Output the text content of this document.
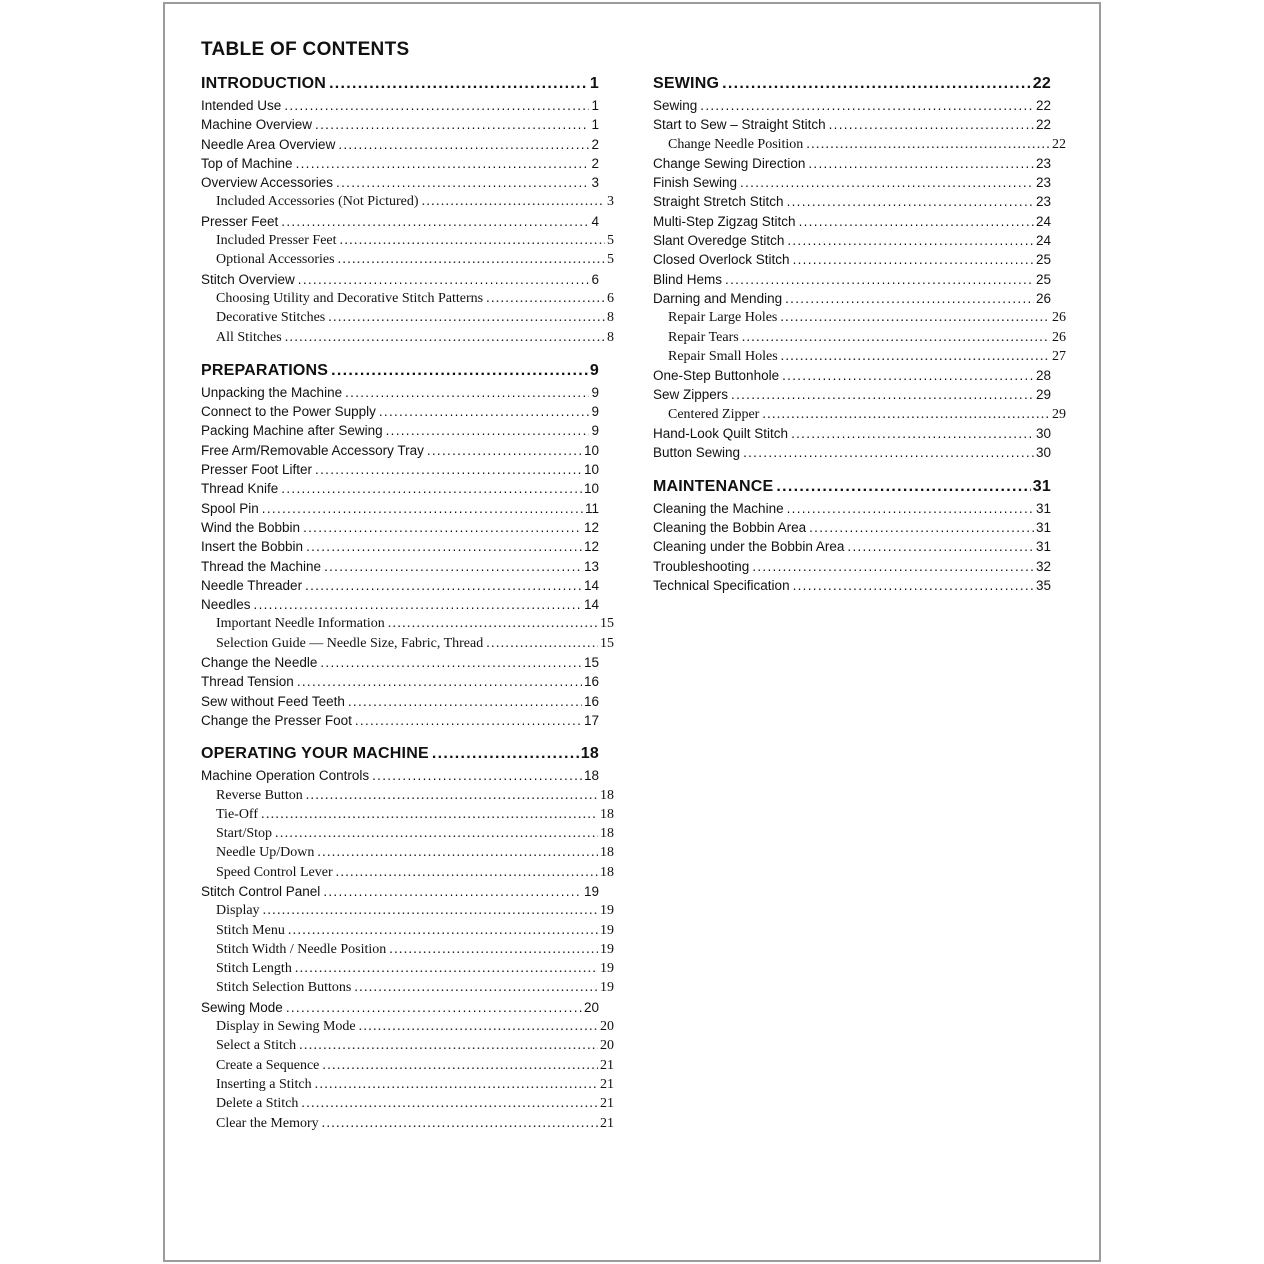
TABLE OF CONTENTS
INTRODUCTION .....	1
Intended Use .....	1
Machine Overview .....	1
Needle Area Overview .....	2
Top of Machine .....	2
Overview Accessories .....	3
Included Accessories (Not Pictured) .....	3
Presser Feet .....	4
Included Presser Feet .....	5
Optional Accessories .....	5
Stitch Overview .....	6
Choosing Utility and Decorative Stitch Patterns .....	6
Decorative Stitches .....	8
All Stitches .....	8
PREPARATIONS .....	9
Unpacking the Machine .....	9
Connect to the Power Supply .....	9
Packing Machine after Sewing .....	9
Free Arm/Removable Accessory Tray .....	10
Presser Foot Lifter .....	10
Thread Knife .....	10
Spool Pin .....	11
Wind the Bobbin .....	12
Insert the Bobbin .....	12
Thread the Machine .....	13
Needle Threader .....	14
Needles .....	14
Important Needle Information .....	15
Selection Guide — Needle Size, Fabric, Thread .....	15
Change the Needle .....	15
Thread Tension .....	16
Sew without Feed Teeth .....	16
Change the Presser Foot .....	17
OPERATING YOUR MACHINE .....	18
Machine Operation Controls .....	18
Reverse Button .....	18
Tie-Off .....	18
Start/Stop .....	18
Needle Up/Down .....	18
Speed Control Lever .....	18
Stitch Control Panel .....	19
Display .....	19
Stitch Menu .....	19
Stitch Width / Needle Position .....	19
Stitch Length .....	19
Stitch Selection Buttons .....	19
Sewing Mode .....	20
Display in Sewing Mode .....	20
Select a Stitch .....	20
Create a Sequence .....	21
Inserting a Stitch .....	21
Delete a Stitch .....	21
Clear the Memory .....	21
SEWING .....	22
Sewing .....	22
Start to Sew – Straight Stitch .....	22
Change Needle Position .....	22
Change Sewing Direction .....	23
Finish Sewing .....	23
Straight Stretch Stitch .....	23
Multi-Step Zigzag Stitch .....	24
Slant Overedge Stitch .....	24
Closed Overlock Stitch .....	25
Blind Hems .....	25
Darning and Mending .....	26
Repair Large Holes .....	26
Repair Tears .....	26
Repair Small Holes .....	27
One-Step Buttonhole .....	28
Sew Zippers .....	29
Centered Zipper .....	29
Hand-Look Quilt Stitch .....	30
Button Sewing .....	30
MAINTENANCE .....	31
Cleaning the Machine .....	31
Cleaning the Bobbin Area .....	31
Cleaning under the Bobbin Area .....	31
Troubleshooting .....	32
Technical Specification .....	35
